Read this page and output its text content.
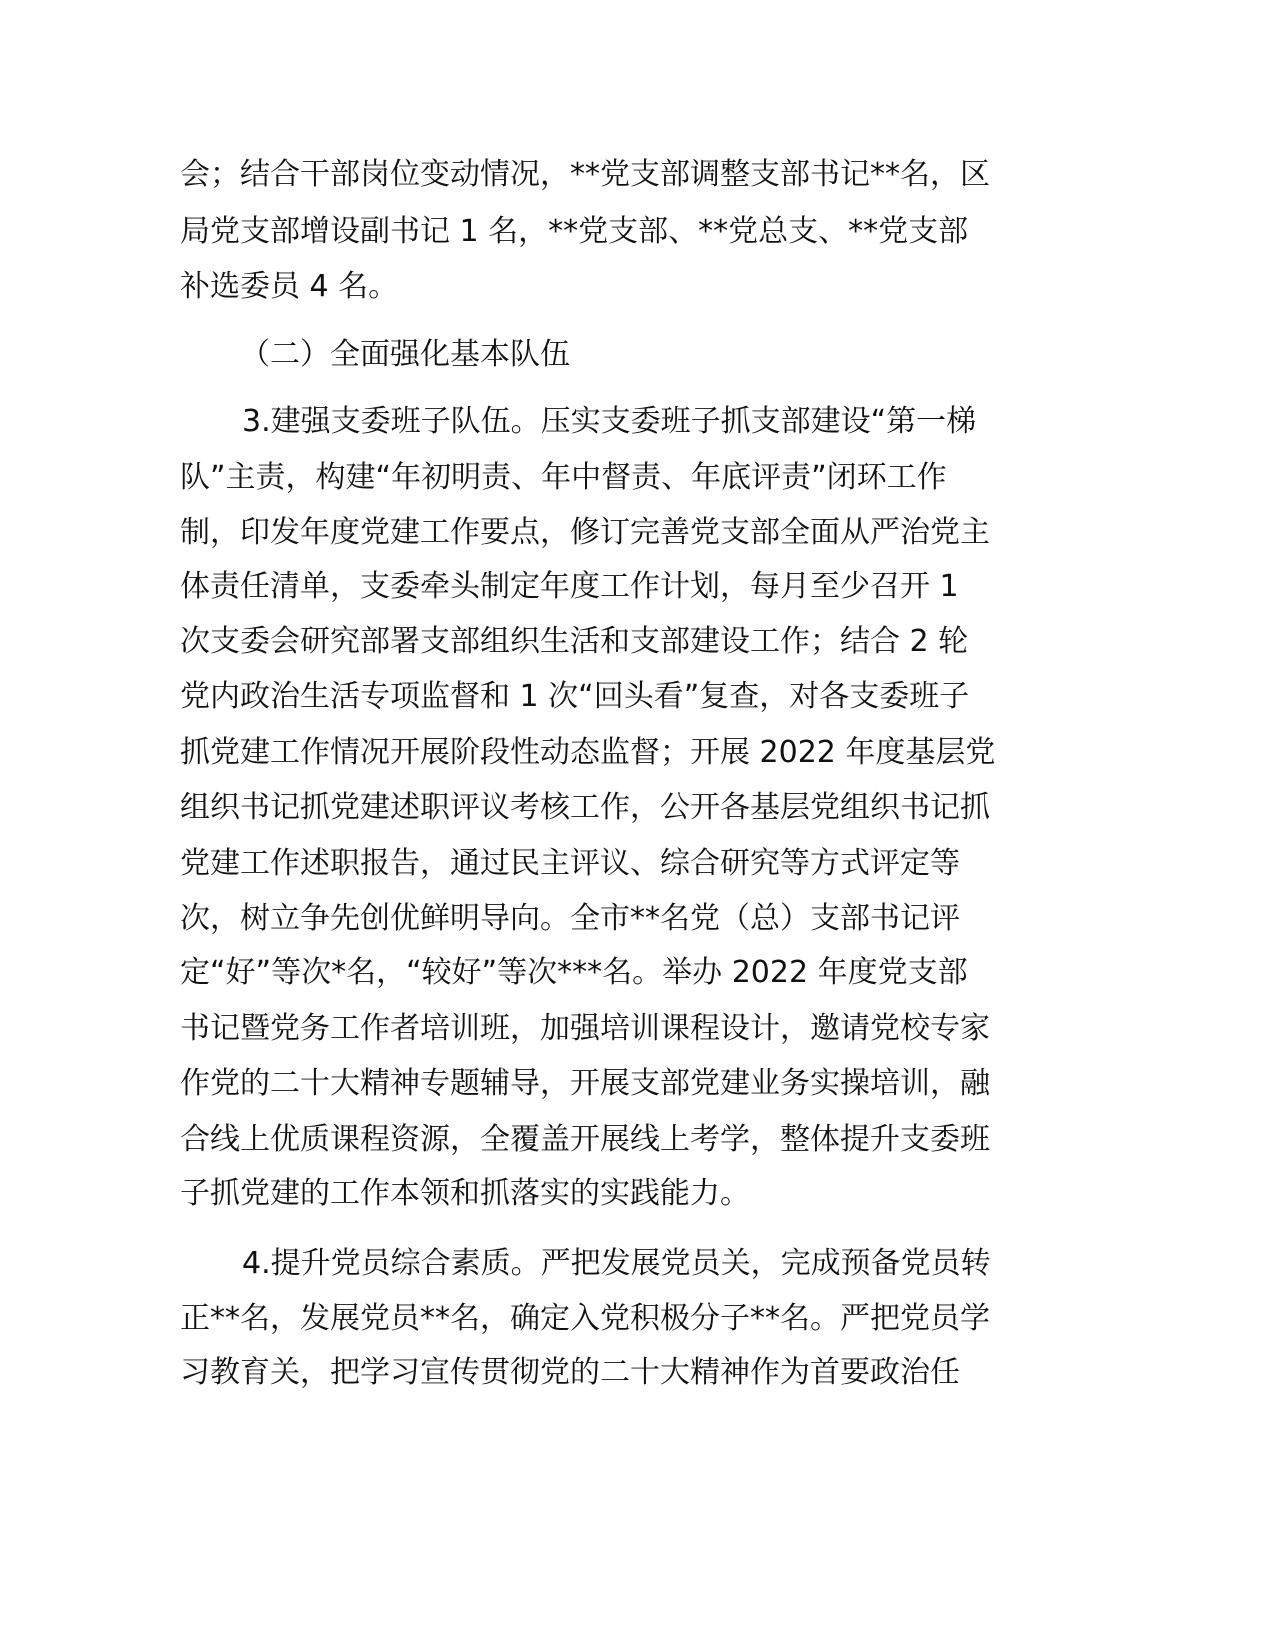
会；结合干部岗位变动情况，**党支部调整支部书记**名，区
局党支部增设副书记 1 名，**党支部、**党总支、**党支部
补选委员 4 名。
（二）全面强化基本队伍
3.建强支委班子队伍。压实支委班子抓支部建设“第一梯
队”主责，构建“年初明责、年中督责、年底评责”闭环工作
制，印发年度党建工作要点，修订完善党支部全面从严治党主
体责任清单，支委牵头制定年度工作计划，每月至少召开 1
次支委会研究部署支部组织生活和支部建设工作；结合 2 轮
党内政治生活专项监督和 1 次“回头看”复查，对各支委班子
抓党建工作情况开展阶段性动态监督；开展 2022 年度基层党
组织书记抓党建述职评议考核工作，公开各基层党组织书记抓
党建工作述职报告，通过民主评议、综合研究等方式评定等
次，树立争先创优鲜明导向。全市**名党（总）支部书记评
定“好”等次*名，“较好”等次***名。举办 2022 年度党支部
书记暨党务工作者培训班，加强培训课程设计，邀请党校专家
作党的二十大精神专题辅导，开展支部党建业务实操培训，融
合线上优质课程资源，全覆盖开展线上考学，整体提升支委班
子抓党建的工作本领和抓落实的实践能力。
4.提升党员综合素质。严把发展党员关，完成预备党员转
正**名，发展党员**名，确定入党积极分子**名。严把党员学
习教育关，把学习宣传贯彻党的二十大精神作为首要政治任
